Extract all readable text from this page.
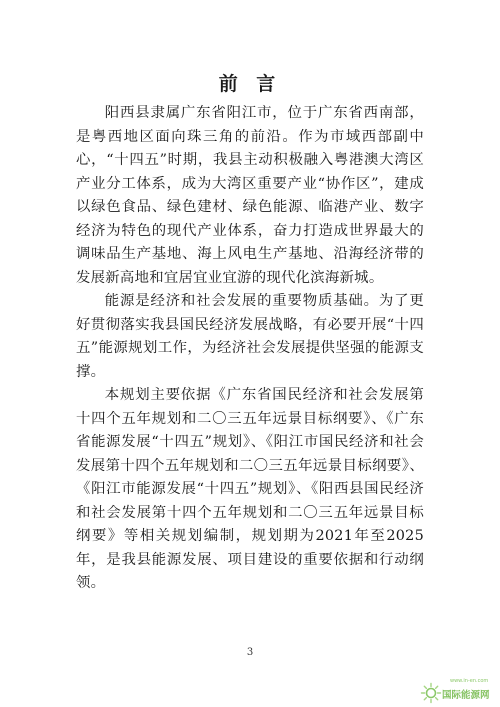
前 言

阳西县隶属广东省阳江市，位于广东省西南部，是粤西地区面向珠三角的前沿。作为市域西部副中心，“十四五”时期，我县主动积极融入粤港澳大湾区产业分工体系，成为大湾区重要产业“协作区”，建成以绿色食品、绿色建材、绿色能源、临港产业、数字经济为特色的现代产业体系，奋力打造成世界最大的调味品生产基地、海上风电生产基地、沿海经济带的发展新高地和宜居宜业宜游的现代化滨海新城。

能源是经济和社会发展的重要物质基础。为了更好贯彻落实我县国民经济发展战略，有必要开展“十四五”能源规划工作，为经济社会发展提供坚强的能源支撑。

本规划主要依据《广东省国民经济和社会发展第十四个五年规划和二〇三五年远景目标纲要》、《广东省能源发展“十四五”规划》、《阳江市国民经济和社会发展第十四个五年规划和二〇三五年远景目标纲要》、《阳江市能源发展“十四五”规划》、《阳西县国民经济和社会发展第十四个五年规划和二〇三五年远景目标纲要》等相关规划编制，规划期为2021年至2025年，是我县能源发展、项目建设的重要依据和行动纲领。

3
www.in-en.com
国际能源网
